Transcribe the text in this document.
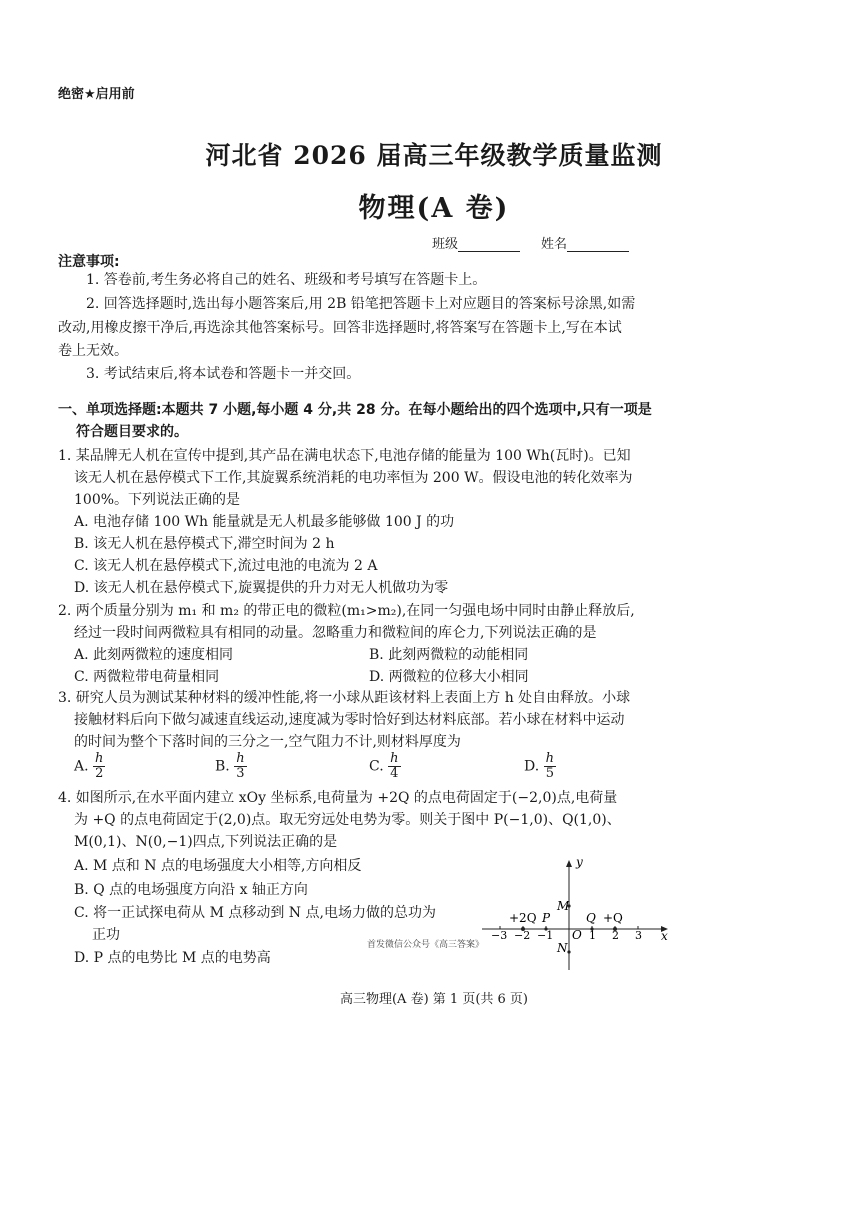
绝密★启用前
河北省 2026 届高三年级教学质量监测
物理(A 卷)
班级	姓名
注意事项:
1. 答卷前,考生务必将自己的姓名、班级和考号填写在答题卡上。
2. 回答选择题时,选出每小题答案后,用 2B 铅笔把答题卡上对应题目的答案标号涂黑,如需
改动,用橡皮擦干净后,再选涂其他答案标号。回答非选择题时,将答案写在答题卡上,写在本试
卷上无效。
3. 考试结束后,将本试卷和答题卡一并交回。
一、单项选择题:本题共 7 小题,每小题 4 分,共 28 分。在每小题给出的四个选项中,只有一项是
符合题目要求的。
1. 某品牌无人机在宣传中提到,其产品在满电状态下,电池存储的能量为 100 Wh(瓦时)。已知
该无人机在悬停模式下工作,其旋翼系统消耗的电功率恒为 200 W。假设电池的转化效率为
100%。下列说法正确的是
A. 电池存储 100 Wh 能量就是无人机最多能够做 100 J 的功
B. 该无人机在悬停模式下,滞空时间为 2 h
C. 该无人机在悬停模式下,流过电池的电流为 2 A
D. 该无人机在悬停模式下,旋翼提供的升力对无人机做功为零
2. 两个质量分别为 m₁ 和 m₂ 的带正电的微粒(m₁>m₂),在同一匀强电场中同时由静止释放后,
经过一段时间两微粒具有相同的动量。忽略重力和微粒间的库仑力,下列说法正确的是
A. 此刻两微粒的速度相同	B. 此刻两微粒的动能相同
C. 两微粒带电荷量相同	D. 两微粒的位移大小相同
3. 研究人员为测试某种材料的缓冲性能,将一小球从距该材料上表面上方 h 处自由释放。小球
接触材料后向下做匀减速直线运动,速度减为零时恰好到达材料底部。若小球在材料中运动
的时间为整个下落时间的三分之一,空气阻力不计,则材料厚度为
A. $\frac{h}{2}$	B. $\frac{h}{3}$	C. $\frac{h}{4}$	D. $\frac{h}{5}$
4. 如图所示,在水平面内建立 xOy 坐标系,电荷量为 +2Q 的点电荷固定于(−2,0)点,电荷量
为 +Q 的点电荷固定于(2,0)点。取无穷远处电势为零。则关于图中 P(−1,0)、Q(1,0)、
M(0,1)、N(0,−1)四点,下列说法正确的是
A. M 点和 N 点的电场强度大小相等,方向相反
B. Q 点的电场强度方向沿 x 轴正方向
C. 将一正试探电荷从 M 点移动到 N 点,电场力做的总功为
正功
D. P 点的电势比 M 点的电势高
y
x
M
N
O
P	Q
+2Q	+Q
−3 −2 −1	1 2 3
首发微信公众号《高三答案》
高三物理(A 卷) 第 1 页(共 6 页)
